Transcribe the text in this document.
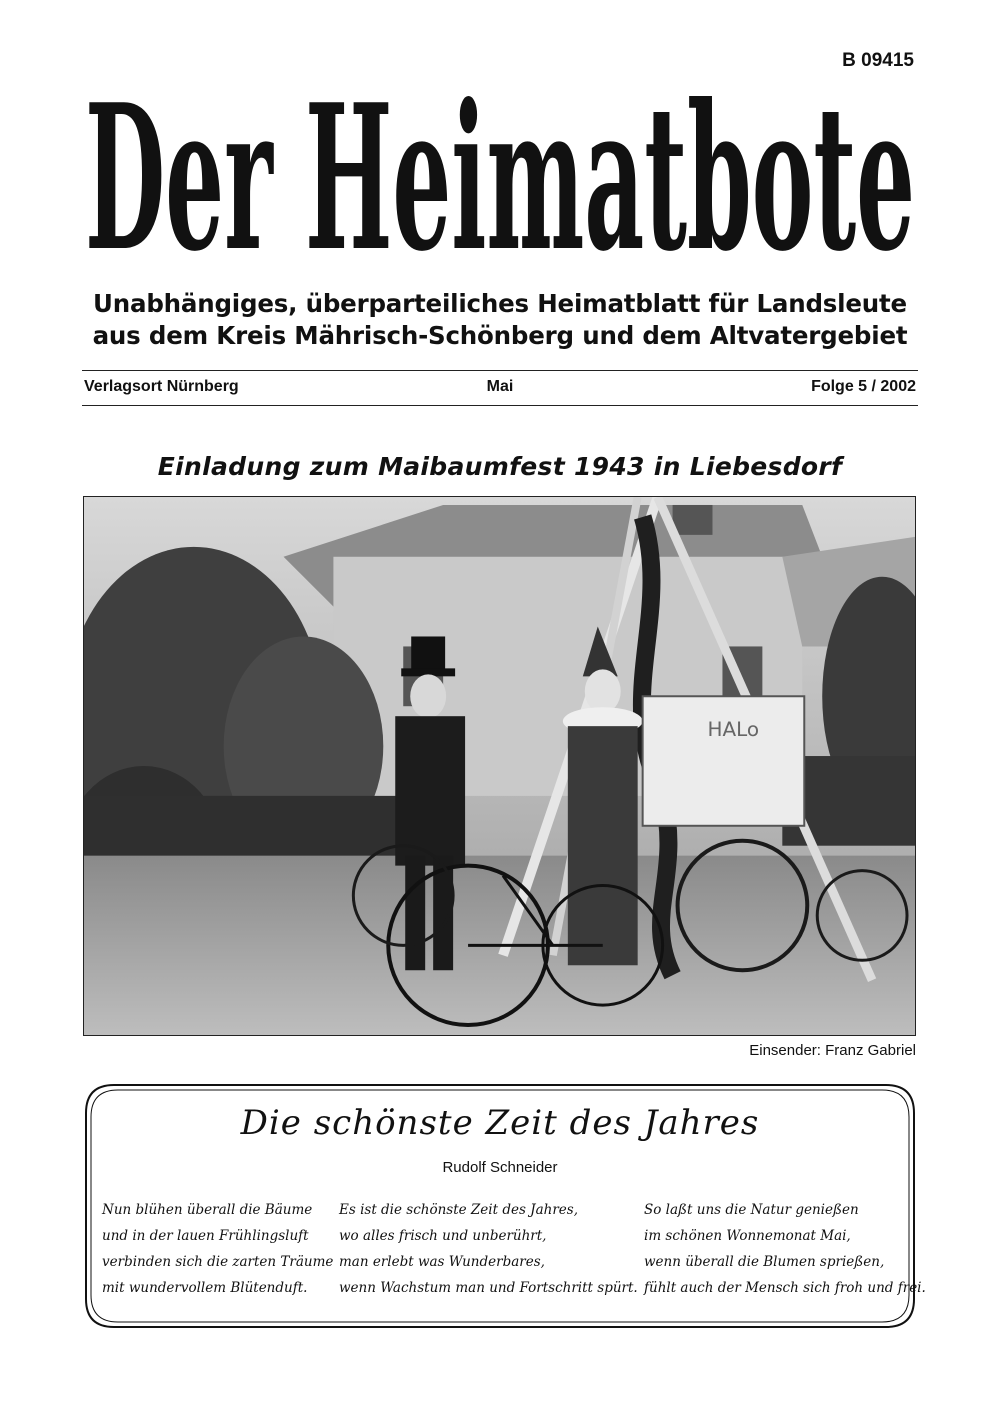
B 09415
Der Heimatbote
Unabhängiges, überparteiliches Heimatblatt für Landsleute
aus dem Kreis Mährisch-Schönberg und dem Altvatergebiet
Verlagsort Nürnberg	Mai	Folge 5 / 2002
Einladung zum Maibaumfest 1943 in Liebesdorf
HALo
Einsender: Franz Gabriel
Die schönste Zeit des Jahres
Rudolf Schneider
Nun blühen überall die Bäume
und in der lauen Frühlingsluft
verbinden sich die zarten Träume
mit wundervollem Blütenduft.
Es ist die schönste Zeit des Jahres,
wo alles frisch und unberührt,
man erlebt was Wunderbares,
wenn Wachstum man und Fortschritt spürt.
So laßt uns die Natur genießen
im schönen Wonnemonat Mai,
wenn überall die Blumen sprießen,
fühlt auch der Mensch sich froh und frei.
